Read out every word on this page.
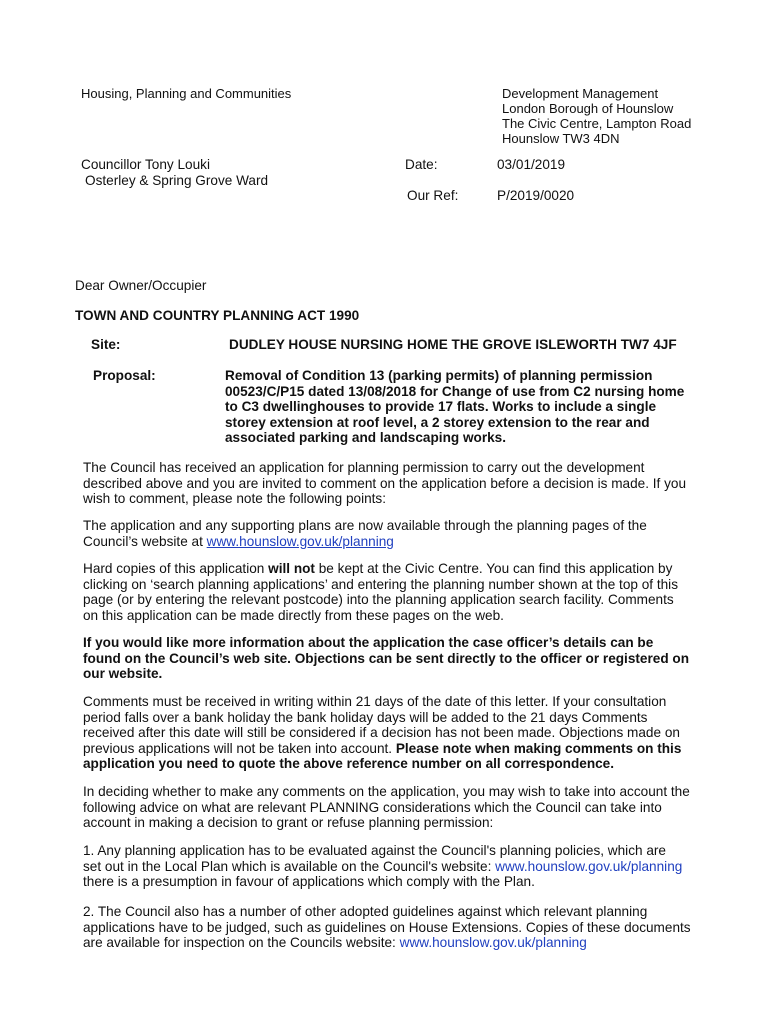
Housing, Planning and Communities	Development Management
London Borough of Hounslow
The Civic Centre, Lampton Road
Hounslow TW3 4DN
Councillor Tony Louki
Osterley & Spring Grove Ward
Date:	03/01/2019
Our Ref:	P/2019/0020
Dear Owner/Occupier
TOWN AND COUNTRY PLANNING ACT 1990
Site:	DUDLEY HOUSE NURSING HOME THE GROVE ISLEWORTH TW7 4JF
Proposal:	Removal of Condition 13 (parking permits) of planning permission
00523/C/P15 dated 13/08/2018 for Change of use from C2 nursing home
to C3 dwellinghouses to provide 17 flats. Works to include a single
storey extension at roof level, a 2 storey extension to the rear and
associated parking and landscaping works.
The Council has received an application for planning permission to carry out the development
described above and you are invited to comment on the application before a decision is made. If you
wish to comment, please note the following points:
The application and any supporting plans are now available through the planning pages of the
Council’s website at www.hounslow.gov.uk/planning
Hard copies of this application will not be kept at the Civic Centre. You can find this application by
clicking on ‘search planning applications’ and entering the planning number shown at the top of this
page (or by entering the relevant postcode) into the planning application search facility. Comments
on this application can be made directly from these pages on the web.
If you would like more information about the application the case officer’s details can be
found on the Council’s web site. Objections can be sent directly to the officer or registered on
our website.
Comments must be received in writing within 21 days of the date of this letter. If your consultation
period falls over a bank holiday the bank holiday days will be added to the 21 days Comments
received after this date will still be considered if a decision has not been made. Objections made on
previous applications will not be taken into account. Please note when making comments on this
application you need to quote the above reference number on all correspondence.
In deciding whether to make any comments on the application, you may wish to take into account the
following advice on what are relevant PLANNING considerations which the Council can take into
account in making a decision to grant or refuse planning permission:
1. Any planning application has to be evaluated against the Council's planning policies, which are
set out in the Local Plan which is available on the Council's website: www.hounslow.gov.uk/planning
there is a presumption in favour of applications which comply with the Plan.
2. The Council also has a number of other adopted guidelines against which relevant planning
applications have to be judged, such as guidelines on House Extensions. Copies of these documents
are available for inspection on the Councils website: www.hounslow.gov.uk/planning
